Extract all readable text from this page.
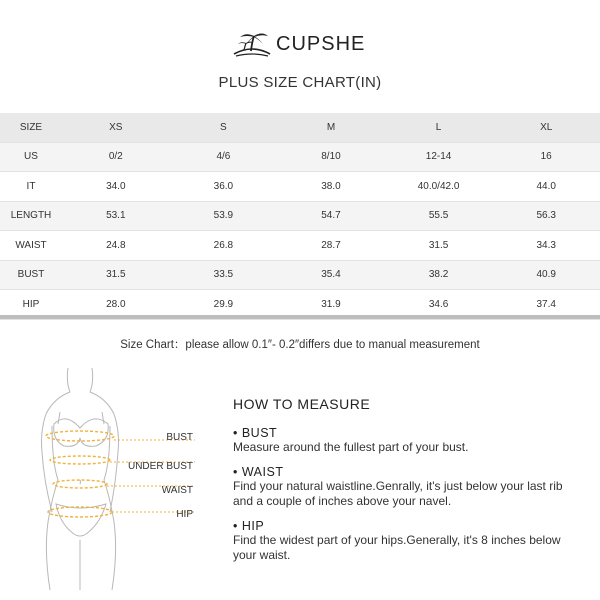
CUPSHE
PLUS SIZE CHART(IN)
SIZE	XS	S	M	L	XL
US	0/2	4/6	8/10	12-14	16
IT	34.0	36.0	38.0	40.0/42.0	44.0
LENGTH	53.1	53.9	54.7	55.5	56.3
WAIST	24.8	26.8	28.7	31.5	34.3
BUST	31.5	33.5	35.4	38.2	40.9
HIP	28.0	29.9	31.9	34.6	37.4
Size Chart：please allow 0.1″- 0.2″differs due to manual measurement
BUST
UNDER BUST
WAIST
HIP
HOW TO MEASURE
• BUST
Measure around the fullest part of your bust.
• WAIST
Find your natural waistline.Genrally, it's just below your last rib and a couple of inches above your navel.
• HIP
Find the widest part of your hips.Generally, it's 8 inches below your waist.
